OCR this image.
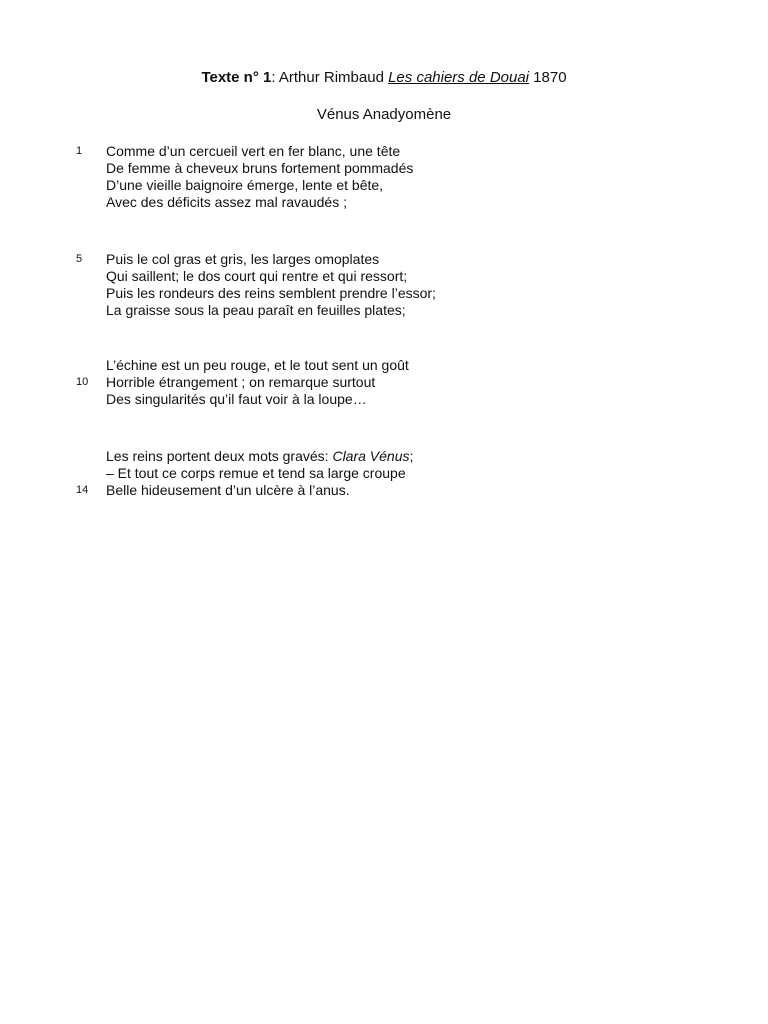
Texte n° 1: Arthur Rimbaud Les cahiers de Douai 1870
Vénus Anadyomène
1	Comme d’un cercueil vert en fer blanc, une tête
De femme à cheveux bruns fortement pommadés
D’une vieille baignoire émerge, lente et bête,
Avec des déficits assez mal ravaudés ;
5	Puis le col gras et gris, les larges omoplates
Qui saillent; le dos court qui rentre et qui ressort;
Puis les rondeurs des reins semblent prendre l’essor;
La graisse sous la peau paraît en feuilles plates;
L’échine est un peu rouge, et le tout sent un goût
10	Horrible étrangement ; on remarque surtout
Des singularités qu’il faut voir à la loupe…
Les reins portent deux mots gravés: Clara Vénus;
– Et tout ce corps remue et tend sa large croupe
14	Belle hideusement d’un ulcère à l’anus.
